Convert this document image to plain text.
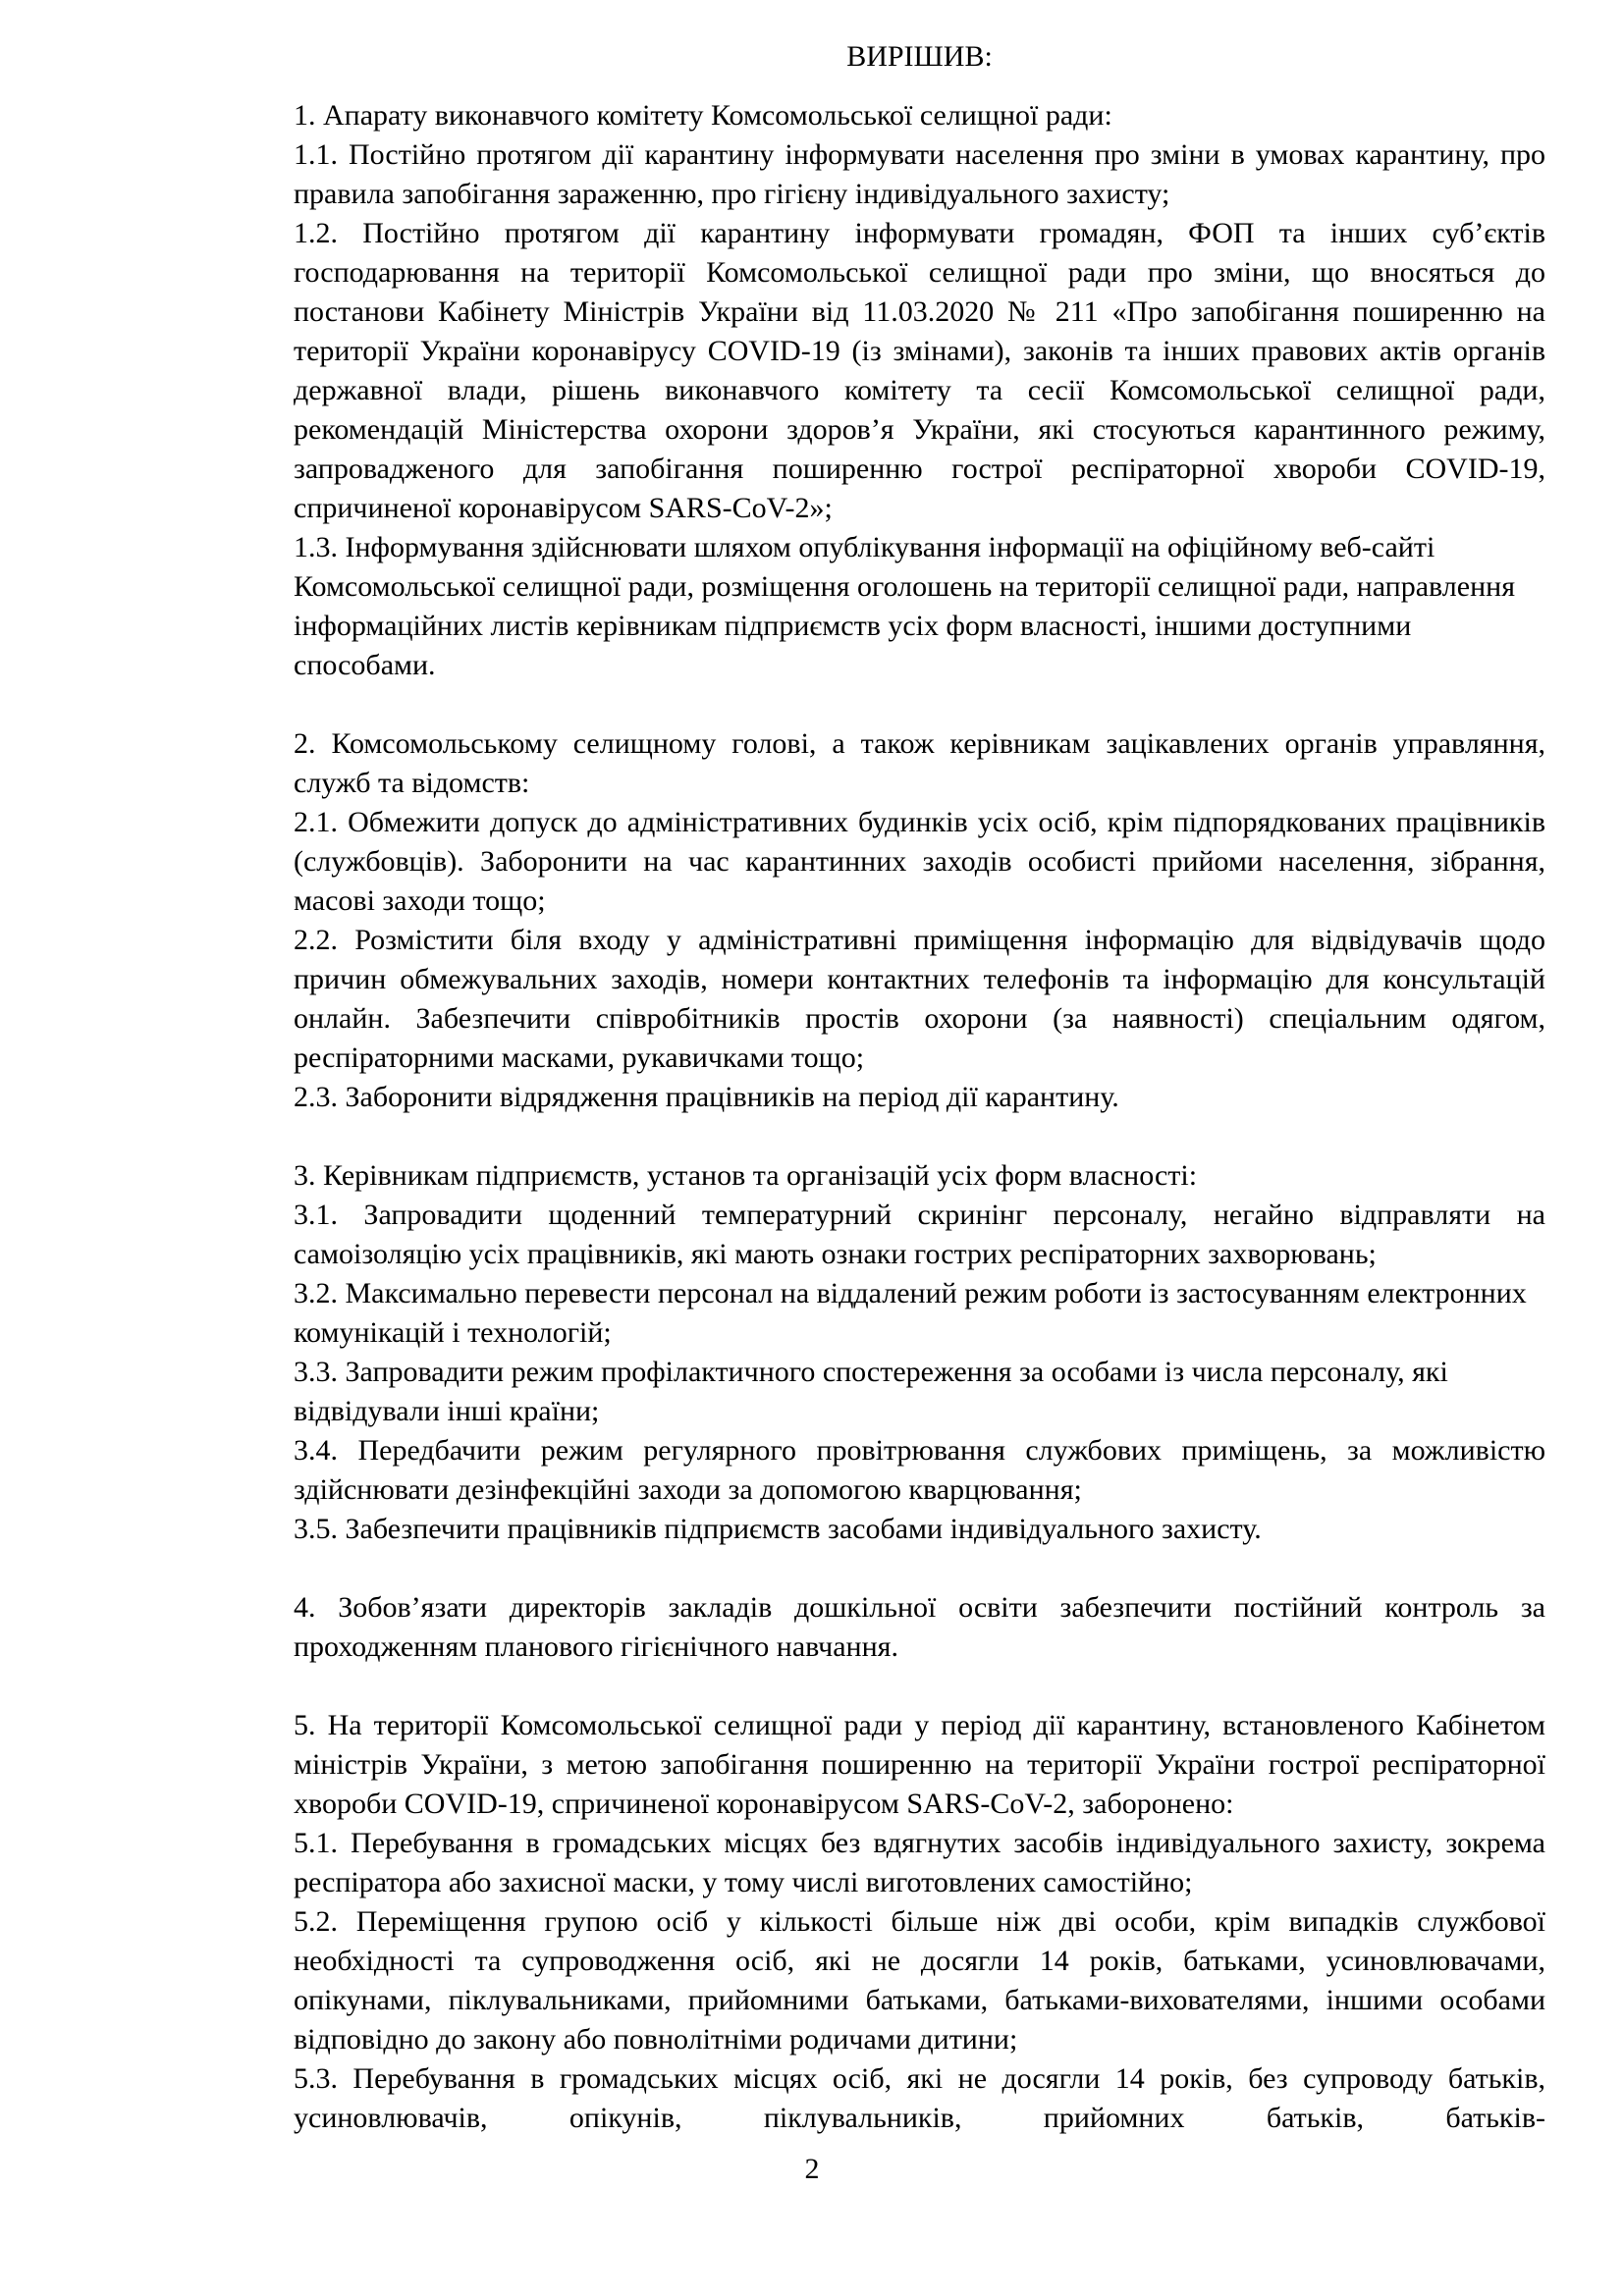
ВИРІШИВ:

1. Апарату виконавчого комітету Комсомольської селищної ради:

1.1. Постійно протягом дії карантину інформувати населення про зміни в умовах карантину, про правила запобігання зараженню, про гігієну індивідуального захисту;

1.2. Постійно протягом дії карантину інформувати громадян, ФОП та інших суб’єктів господарювання на території Комсомольської селищної ради про зміни, що вносяться до постанови Кабінету Міністрів України від 11.03.2020 № 211 «Про запобігання поширенню на території України коронавірусу COVID-19 (із змінами), законів та інших правових актів органів державної влади, рішень виконавчого комітету та сесії Комсомольської селищної ради, рекомендацій Міністерства охорони здоров’я України, які стосуються карантинного режиму, запровадженого для запобігання поширенню гострої респіраторної хвороби COVID-19, спричиненої коронавірусом SARS-CoV-2»;

1.3. Інформування здійснювати шляхом опублікування інформації на офіційному веб-сайті Комсомольської селищної ради, розміщення оголошень на території селищної ради, направлення інформаційних листів керівникам підприємств усіх форм власності, іншими доступними способами.

2. Комсомольському селищному голові, а також керівникам зацікавлених органів управляння, служб та відомств:

2.1. Обмежити допуск до адміністративних будинків усіх осіб, крім підпорядкованих працівників (службовців). Заборонити на час карантинних заходів особисті прийоми населення, зібрання, масові заходи тощо;

2.2. Розмістити біля входу у адміністративні приміщення інформацію для відвідувачів щодо причин обмежувальних заходів, номери контактних телефонів та інформацію для консультацій онлайн. Забезпечити співробітників простів охорони (за наявності) спеціальним одягом, респіраторними масками, рукавичками тощо;

2.3. Заборонити відрядження працівників на період дії карантину.

3. Керівникам підприємств, установ та організацій усіх форм власності:

3.1. Запровадити щоденний температурний скринінг персоналу, негайно відправляти на самоізоляцію усіх працівників, які мають ознаки гострих респіраторних захворювань;

3.2. Максимально перевести персонал на віддалений режим роботи із застосуванням електронних комунікацій і технологій;

3.3. Запровадити режим профілактичного спостереження за особами із числа персоналу, які відвідували інші країни;

3.4. Передбачити режим регулярного провітрювання службових приміщень, за можливістю здійснювати дезінфекційні заходи за допомогою кварцювання;

3.5. Забезпечити працівників підприємств засобами індивідуального захисту.

4. Зобов’язати директорів закладів дошкільної освіти забезпечити постійний контроль за проходженням планового гігієнічного навчання.

5. На території Комсомольської селищної ради у період дії карантину, встановленого Кабінетом міністрів України, з метою запобігання поширенню на території України гострої респіраторної хвороби COVID-19, спричиненої коронавірусом SARS-CoV-2, заборонено:

5.1. Перебування в громадських місцях без вдягнутих засобів індивідуального захисту, зокрема респіратора або захисної маски, у тому числі виготовлених самостійно;

5.2. Переміщення групою осіб у кількості більше ніж дві особи, крім випадків службової необхідності та супроводження осіб, які не досягли 14 років, батьками, усиновлювачами, опікунами, піклувальниками, прийомними батьками, батьками-вихователями, іншими особами відповідно до закону або повнолітніми родичами дитини;

5.3. Перебування в громадських місцях осіб, які не досягли 14 років, без супроводу батьків, усиновлювачів, опікунів, піклувальників, прийомних батьків, батьків-

2
